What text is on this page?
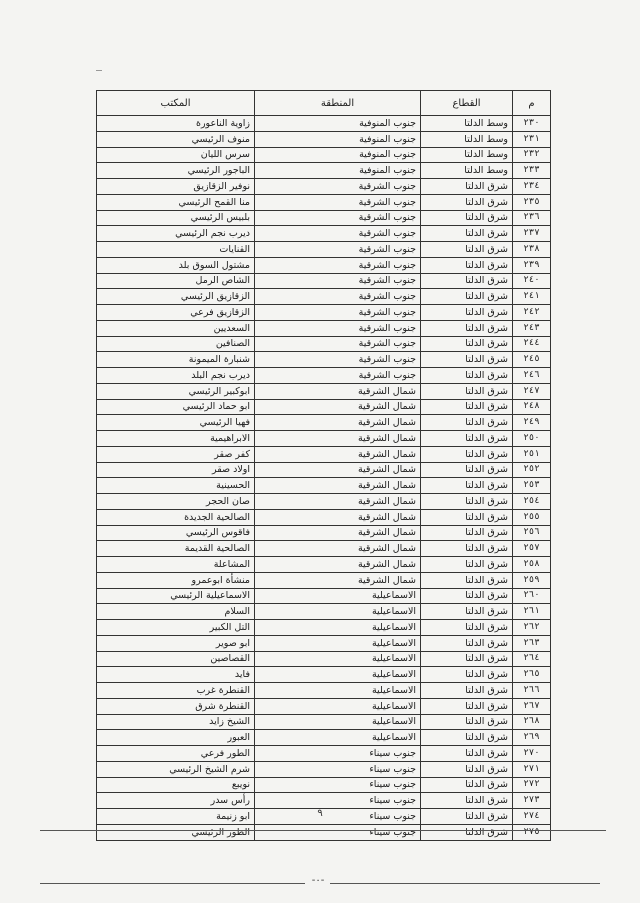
م	القطاع	المنطقة	المكتب
٢٣٠	وسط الدلتا	جنوب المنوفية	زاوية الناعورة
٢٣١	وسط الدلتا	جنوب المنوفية	منوف الرئيسي
٢٣٢	وسط الدلتا	جنوب المنوفية	سرس الليان
٢٣٣	وسط الدلتا	جنوب المنوفية	الباجور الرئيسي
٢٣٤	شرق الدلتا	جنوب الشرقية	نوفير الزقازيق
٢٣٥	شرق الدلتا	جنوب الشرقية	منا القمح الرئيسي
٢٣٦	شرق الدلتا	جنوب الشرقية	بلبيس الرئيسي
٢٣٧	شرق الدلتا	جنوب الشرقية	ديرب نجم الرئيسي
٢٣٨	شرق الدلتا	جنوب الشرقية	القنايات
٢٣٩	شرق الدلتا	جنوب الشرقية	مشتول السوق بلد
٢٤٠	شرق الدلتا	جنوب الشرقية	الشاص الرمل
٢٤١	شرق الدلتا	جنوب الشرقية	الزقازيق الرئيسي
٢٤٢	شرق الدلتا	جنوب الشرقية	الزقازيق فرعي
٢٤٣	شرق الدلتا	جنوب الشرقية	السعديين
٢٤٤	شرق الدلتا	جنوب الشرقية	الصنافين
٢٤٥	شرق الدلتا	جنوب الشرقية	شنبارة الميمونة
٢٤٦	شرق الدلتا	جنوب الشرقية	ديرب نجم البلد
٢٤٧	شرق الدلتا	شمال الشرقية	ابوكبير الرئيسي
٢٤٨	شرق الدلتا	شمال الشرقية	ابو حماد الرئيسي
٢٤٩	شرق الدلتا	شمال الشرقية	فهيا الرئيسي
٢٥٠	شرق الدلتا	شمال الشرقية	الابراهيمية
٢٥١	شرق الدلتا	شمال الشرقية	كفر صقر
٢٥٢	شرق الدلتا	شمال الشرقية	اولاد صقر
٢٥٣	شرق الدلتا	شمال الشرقية	الحسينية
٢٥٤	شرق الدلتا	شمال الشرقية	صان الحجر
٢٥٥	شرق الدلتا	شمال الشرقية	الصالحية الجديدة
٢٥٦	شرق الدلتا	شمال الشرقية	فاقوس الرئيسي
٢٥٧	شرق الدلتا	شمال الشرقية	الصالحية القديمة
٢٥٨	شرق الدلتا	شمال الشرقية	المشاعلة
٢٥٩	شرق الدلتا	شمال الشرقية	منشأة ابوعمرو
٢٦٠	شرق الدلتا	الاسماعيلية	الاسماعيلية الرئيسي
٢٦١	شرق الدلتا	الاسماعيلية	السلام
٢٦٢	شرق الدلتا	الاسماعيلية	التل الكبير
٢٦٣	شرق الدلتا	الاسماعيلية	ابو صوير
٢٦٤	شرق الدلتا	الاسماعيلية	القصاصين
٢٦٥	شرق الدلتا	الاسماعيلية	فايد
٢٦٦	شرق الدلتا	الاسماعيلية	القنطرة غرب
٢٦٧	شرق الدلتا	الاسماعيلية	القنطرة شرق
٢٦٨	شرق الدلتا	الاسماعيلية	الشيخ زايد
٢٦٩	شرق الدلتا	الاسماعيلية	العبور
٢٧٠	شرق الدلتا	جنوب سيناء	الطور فرعي
٢٧١	شرق الدلتا	جنوب سيناء	شرم الشيخ الرئيسي
٢٧٢	شرق الدلتا	جنوب سيناء	نويبع
٢٧٣	شرق الدلتا	جنوب سيناء	رأس سدر
٢٧٤	شرق الدلتا	جنوب سيناء	ابو زنيمة
٢٧٥	شرق الدلتا	جنوب سيناء	الطور الرئيسي
٩
-٠-
